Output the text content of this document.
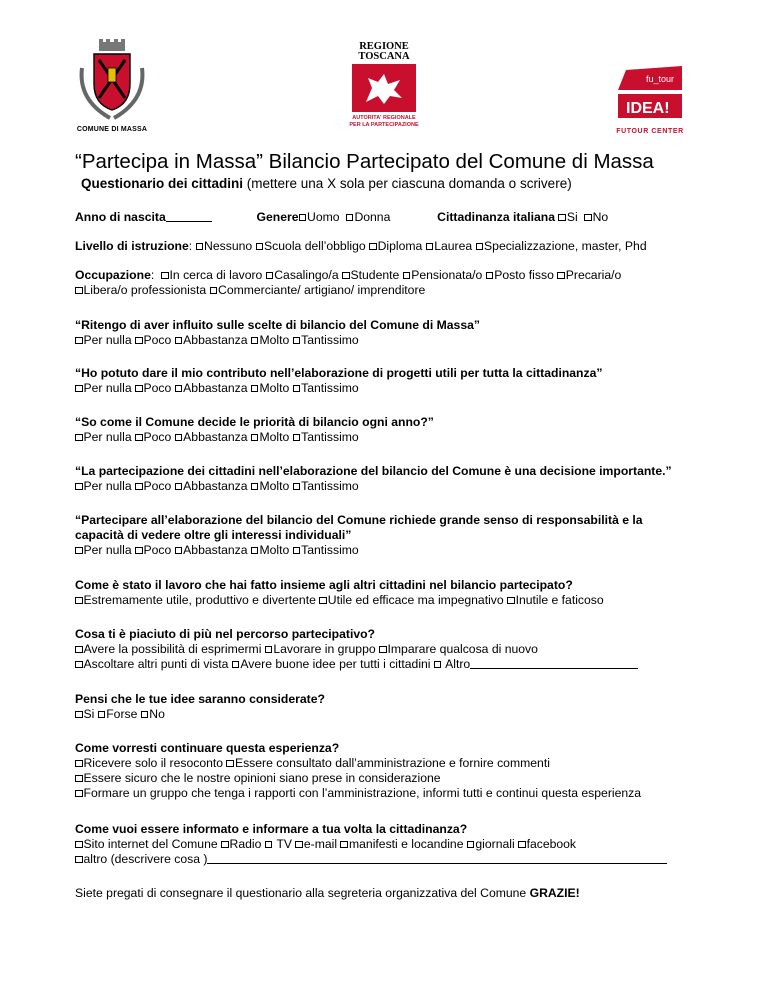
COMUNE DI MASSA
REGIONE
TOSCANA
AUTORITA' REGIONALE
PER LA PARTECIPAZIONE
fu_tour
IDEA!
FUTOUR CENTER
“Partecipa in Massa” Bilancio Partecipato del Comune di Massa
Questionario dei cittadini (mettere una X sola per ciascuna domanda o scrivere)
Anno di nascita	Genere Uomo Donna	Cittadinanza italiana Si No
Livello di istruzione: Nessuno Scuola dell’obbligo Diploma Laurea Specializzazione, master, Phd
Occupazione:  In cerca di lavoro Casalingo/a Studente Pensionata/o Posto fisso Precaria/o
Libera/o professionista Commerciante/ artigiano/ imprenditore
“Ritengo di aver influito sulle scelte di bilancio del Comune di Massa”
Per nulla Poco Abbastanza Molto Tantissimo
“Ho potuto dare il mio contributo nell’elaborazione di progetti utili per tutta la cittadinanza”
Per nulla Poco Abbastanza Molto Tantissimo
“So come il Comune decide le priorità di bilancio ogni anno?”
Per nulla Poco Abbastanza Molto Tantissimo
“La partecipazione dei cittadini nell’elaborazione del bilancio del Comune è una decisione importante.”
Per nulla Poco Abbastanza Molto Tantissimo
“Partecipare all’elaborazione del bilancio del Comune richiede grande senso di responsabilità e la
capacità di vedere oltre gli interessi individuali”
Per nulla Poco Abbastanza Molto Tantissimo
Come è stato il lavoro che hai fatto insieme agli altri cittadini nel bilancio partecipato?
Estremamente utile, produttivo e divertente Utile ed efficace ma impegnativo Inutile e faticoso
Cosa ti è piaciuto di più nel percorso partecipativo?
Avere la possibilità di esprimermi Lavorare in gruppo Imparare qualcosa di nuovo
Ascoltare altri punti di vista Avere buone idee per tutti i cittadini Altro
Pensi che le tue idee saranno considerate?
Si Forse No
Come vorresti continuare questa esperienza?
Ricevere solo il resoconto Essere consultato dall’amministrazione e fornire commenti
Essere sicuro che le nostre opinioni siano prese in considerazione
Formare un gruppo che tenga i rapporti con l’amministrazione, informi tutti e continui questa esperienza
Come vuoi essere informato e informare a tua volta la cittadinanza?
Sito internet del Comune Radio TV e-mail manifesti e locandine giornali facebook
altro (descrivere cosa )
Siete pregati di consegnare il questionario alla segreteria organizzativa del Comune GRAZIE!
